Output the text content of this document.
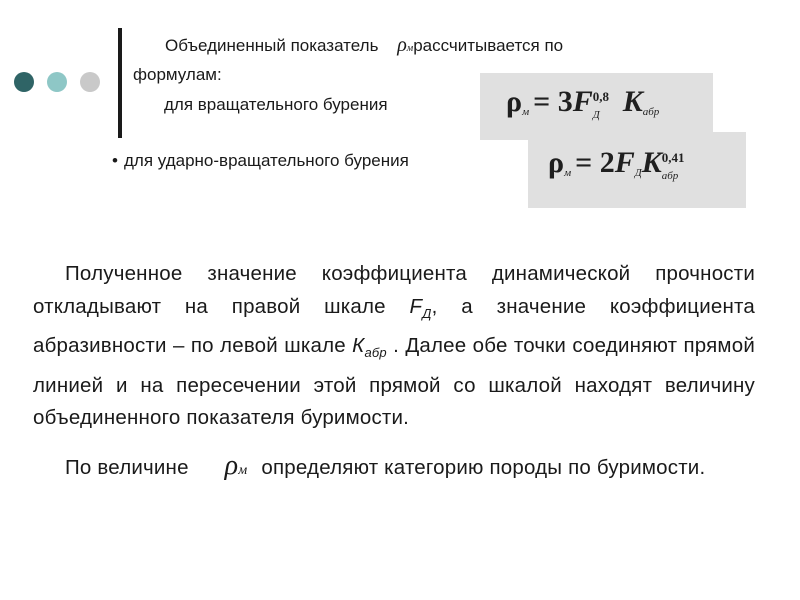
Объединенный показатель ρмрассчитывается по
формулам:
для вращательного бурения
• для ударно-вращательного бурения
$\rho_м = 3F$ 0,8
Д $K_{абр}$
$\rho_м = 2F_ДK$ 0,41
абр
Полученное значение коэффициента динамической прочности откладывают на правой шкале $F_Д$, а значение коэффициента абразивности – по левой шкале $К_{абр}$ . Далее обе точки соединяют прямой линией и на пересечении этой прямой со шкалой находят величину объединенного показателя буримости.
По величине ρм определяют категорию породы по буримости.
